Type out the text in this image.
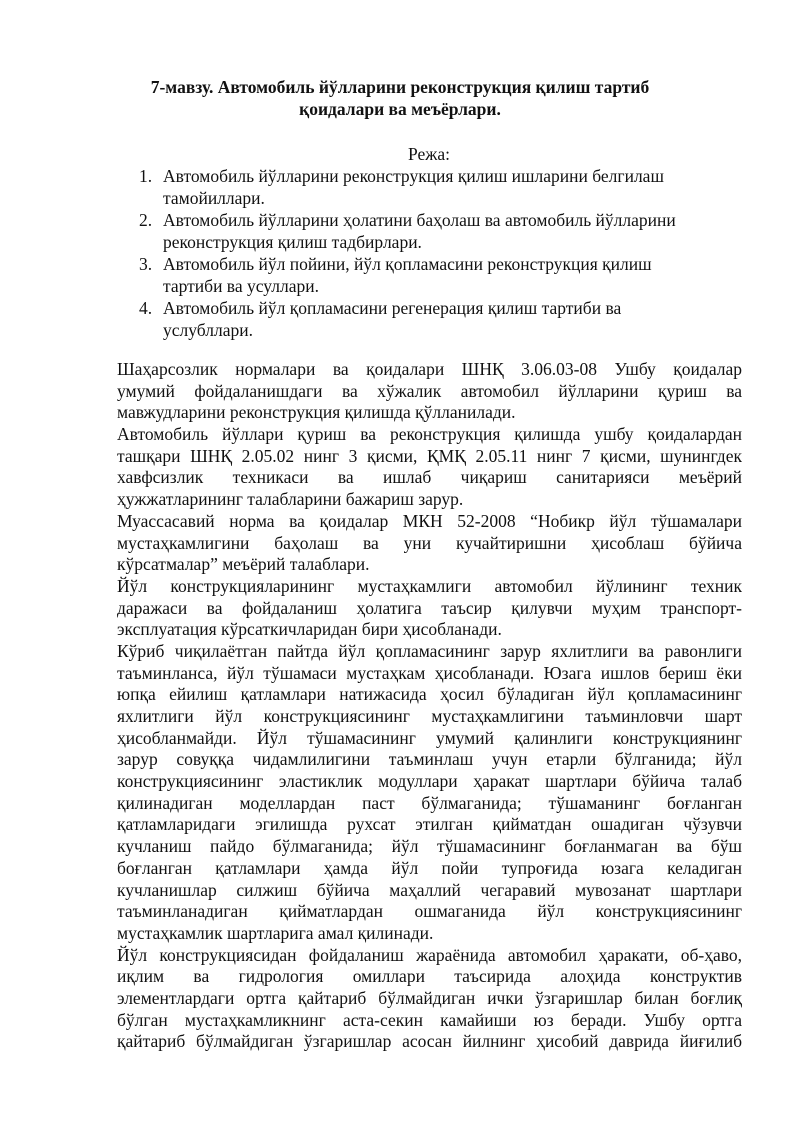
7-мавзу. Автомобиль йўлларини реконструкция қилиш тартиб
қоидалари ва меъёрлари.
Режа:
1. Автомобиль йўлларини реконструкция қилиш ишларини белгилаш
тамойиллари.
2. Автомобиль йўлларини ҳолатини баҳолаш ва автомобиль йўлларини
реконструкция қилиш тадбирлари.
3. Автомобиль йўл пойини, йўл қопламасини реконструкция қилиш
тартиби ва усуллари.
4. Автомобиль йўл қопламасини регенерация қилиш тартиби ва
услубллари.
Шаҳарсозлик нормалари ва қоидалари ШНҚ 3.06.03-08 Ушбу қоидалар
умумий фойдаланишдаги ва хўжалик автомобил йўлларини қуриш ва
мавжудларини реконструкция қилишда қўлланилади.
Автомобиль йўллари қуриш ва реконструкция қилишда ушбу қоидалардан
ташқари ШНҚ 2.05.02 нинг 3 қисми, ҚМҚ 2.05.11 нинг 7 қисми, шунингдек
хавфсизлик техникаси ва ишлаб чиқариш санитарияси меъёрий
ҳужжатларининг талабларини бажариш зарур.
Муассасавий норма ва қоидалар МКН 52-2008 “Нобикр йўл тўшамалари
мустаҳкамлигини баҳолаш ва уни кучайтиришни ҳисоблаш бўйича
кўрсатмалар” меъёрий талаблари.
Йўл конструкцияларининг мустаҳкамлиги автомобил йўлининг техник
даражаси ва фойдаланиш ҳолатига таъсир қилувчи муҳим транспорт-
эксплуатация кўрсаткичларидан бири ҳисобланади.
Кўриб чиқилаётган пайтда йўл қопламасининг зарур яхлитлиги ва равонлиги
таъминланса, йўл тўшамаси мустаҳкам ҳисобланади. Юзага ишлов бериш ёки
юпқа ейилиш қатламлари натижасида ҳосил бўладиган йўл қопламасининг
яхлитлиги йўл конструкциясининг мустаҳкамлигини таъминловчи шарт
ҳисобланмайди. Йўл тўшамасининг умумий қалинлиги конструкциянинг
зарур совуққа чидамлилигини таъминлаш учун етарли бўлганида; йўл
конструкциясининг эластиклик модуллари ҳаракат шартлари бўйича талаб
қилинадиган моделлардан паст бўлмаганида; тўшаманинг боғланган
қатламларидаги эгилишда рухсат этилган қийматдан ошадиган чўзувчи
кучланиш пайдо бўлмаганида; йўл тўшамасининг боғланмаган ва бўш
боғланган қатламлари ҳамда йўл пойи тупроғида юзага келадиган
кучланишлар силжиш бўйича маҳаллий чегаравий мувозанат шартлари
таъминланадиган қийматлардан ошмаганида йўл конструкциясининг
мустаҳкамлик шартларига амал қилинади.
Йўл конструкциясидан фойдаланиш жараёнида автомобил ҳаракати, об-ҳаво,
иқлим ва гидрология омиллари таъсирида алоҳида конструктив
элементлардаги ортга қайтариб бўлмайдиган ички ўзгаришлар билан боғлиқ
бўлган мустаҳкамликнинг аста-секин камайиши юз беради. Ушбу ортга
қайтариб бўлмайдиган ўзгаришлар асосан йилнинг ҳисобий даврида йиғилиб
